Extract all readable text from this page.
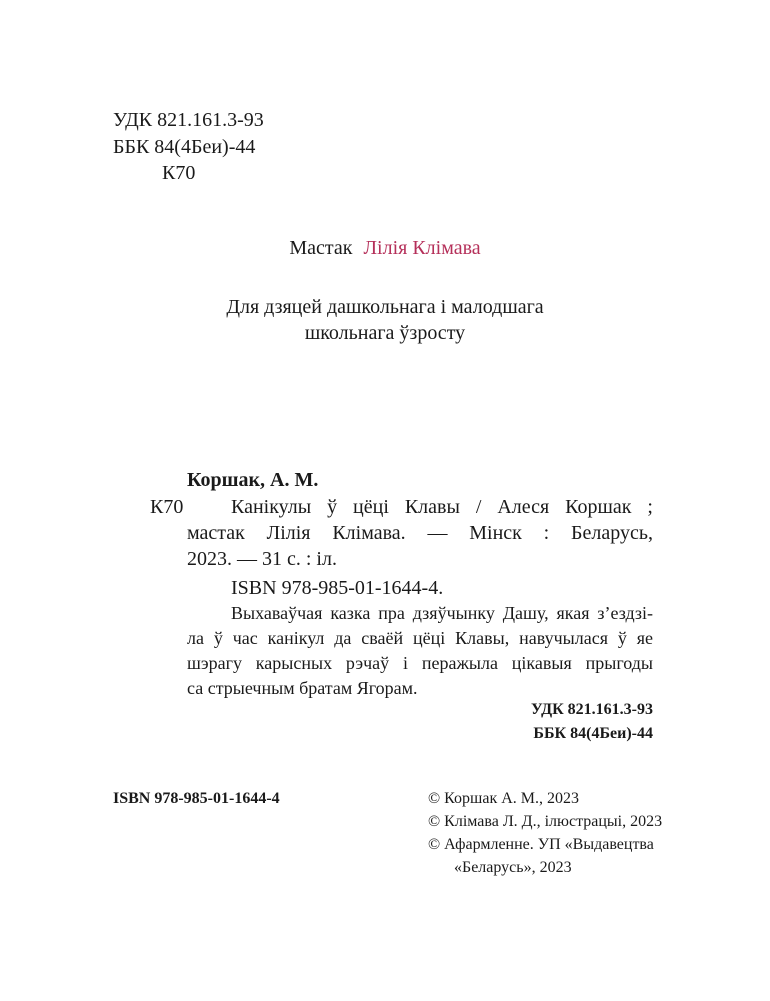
УДК 821.161.3-93
ББК 84(4Беи)-44
К70
Мастак Лілія Клімава
Для дзяцей дашкольнага і малодшага
школьнага ўзросту
Коршак, А. М.
К70 Канікулы ў цёці Клавы / Алеся Коршак ;
мастак Лілія Клімава. — Мінск : Беларусь,
2023. — 31 с. : іл.
ISBN 978-985-01-1644-4.
Выхаваўчая казка пра дзяўчынку Дашу, якая з’ездзі-
ла ў час канікул да сваёй цёці Клавы, навучылася ў яе
шэрагу карысных рэчаў і перажыла цікавыя прыгоды
са стрыечным братам Ягорам.
УДК 821.161.3-93
ББК 84(4Беи)-44
ISBN 978-985-01-1644-4	© Коршак А. М., 2023
© Клімава Л. Д., ілюстрацыі, 2023
© Афармленне. УП «Выдавецтва
«Беларусь», 2023
